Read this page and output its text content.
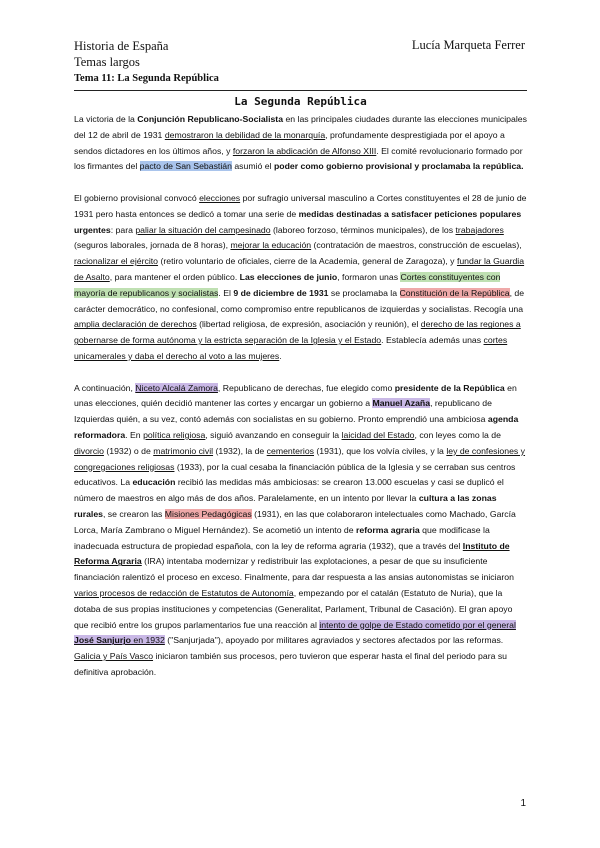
Historia de España
Temas largos
Tema 11: La Segunda República
Lucía Marqueta Ferrer
La Segunda República

La victoria de la Conjunción Republicano-Socialista en las principales ciudades durante las elecciones municipales del 12 de abril de 1931 demostraron la debilidad de la monarquía, profundamente desprestigiada por el apoyo a sendos dictadores en los últimos años, y forzaron la abdicación de Alfonso XIII. El comité revolucionario formado por los firmantes del pacto de San Sebastián asumió el poder como gobierno provisional y proclamaba la república.

El gobierno provisional convocó elecciones por sufragio universal masculino a Cortes constituyentes el 28 de junio de 1931 pero hasta entonces se dedicó a tomar una serie de medidas destinadas a satisfacer peticiones populares urgentes: para paliar la situación del campesinado (laboreo forzoso, términos municipales), de los trabajadores (seguros laborales, jornada de 8 horas), mejorar la educación (contratación de maestros, construcción de escuelas), racionalizar el ejército (retiro voluntario de oficiales, cierre de la Academia, general de Zaragoza), y fundar la Guardia de Asalto, para mantener el orden público. Las elecciones de junio, formaron unas Cortes constituyentes con mayoría de republicanos y socialistas. El 9 de diciembre de 1931 se proclamaba la Constitución de la República, de carácter democrático, no confesional, como compromiso entre republicanos de izquierdas y socialistas. Recogía una amplia declaración de derechos (libertad religiosa, de expresión, asociación y reunión), el derecho de las regiones a gobernarse de forma autónoma y la estricta separación de la Iglesia y el Estado. Establecía además unas cortes unicamerales y daba el derecho al voto a las mujeres.

A continuación, Niceto Alcalá Zamora, Republicano de derechas, fue elegido como presidente de la República en unas elecciones, quién decidió mantener las cortes y encargar un gobierno a Manuel Azaña, republicano de Izquierdas quién, a su vez, contó además con socialistas en su gobierno. Pronto emprendió una ambiciosa agenda reformadora. En política religiosa, siguió avanzando en conseguir la laicidad del Estado, con leyes como la de divorcio (1932) o de matrimonio civil (1932), la de cementerios (1931), que los volvía civiles, y la ley de confesiones y congregaciones religiosas (1933), por la cual cesaba la financiación pública de la Iglesia y se cerraban sus centros educativos. La educación recibió las medidas más ambiciosas: se crearon 13.000 escuelas y casi se duplicó el número de maestros en algo más de dos años. Paralelamente, en un intento por llevar la cultura a las zonas rurales, se crearon las Misiones Pedagógicas (1931), en las que colaboraron intelectuales como Machado, García Lorca, María Zambrano o Miguel Hernández). Se acometió un intento de reforma agraria que modificase la inadecuada estructura de propiedad española, con la ley de reforma agraria (1932), que a través del Instituto de Reforma Agraria (IRA) intentaba modernizar y redistribuir las explotaciones, a pesar de que su insuficiente financiación ralentizó el proceso en exceso. Finalmente, para dar respuesta a las ansias autonomistas se iniciaron varios procesos de redacción de Estatutos de Autonomía, empezando por el catalán (Estatuto de Nuria), que la dotaba de sus propias instituciones y competencias (Generalitat, Parlament, Tribunal de Casación). El gran apoyo que recibió entre los grupos parlamentarios fue una reacción al intento de golpe de Estado cometido por el general José Sanjurjo en 1932 ("Sanjurjada"), apoyado por militares agraviados y sectores afectados por las reformas. Galicia y País Vasco iniciaron también sus procesos, pero tuvieron que esperar hasta el final del periodo para su definitiva aprobación.

1
